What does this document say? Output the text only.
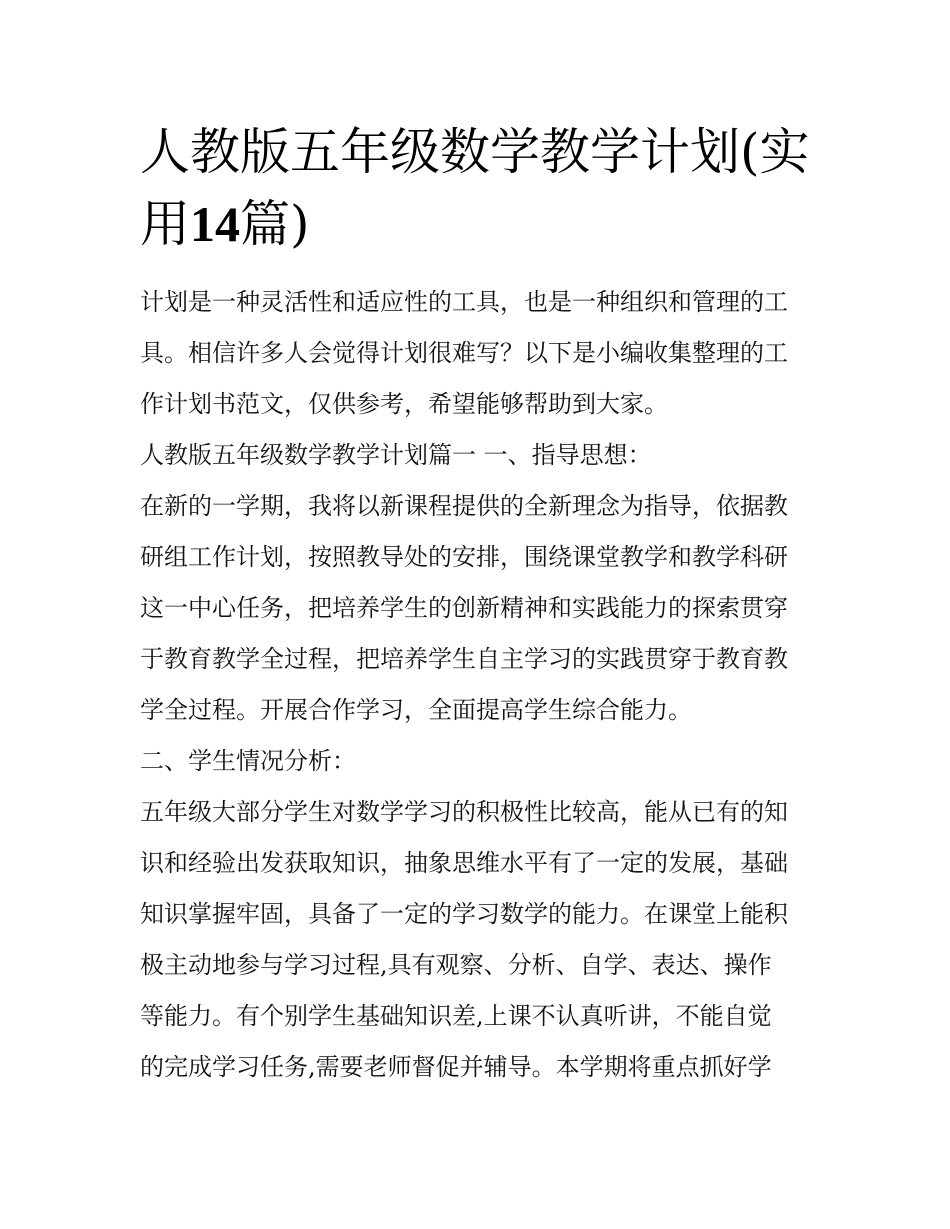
人教版五年级数学教学计划(实
用14篇)
计划是一种灵活性和适应性的工具，也是一种组织和管理的工
具。相信许多人会觉得计划很难写？以下是小编收集整理的工
作计划书范文，仅供参考，希望能够帮助到大家。
人教版五年级数学教学计划篇一 一、指导思想：
在新的一学期，我将以新课程提供的全新理念为指导，依据教
研组工作计划，按照教导处的安排，围绕课堂教学和教学科研
这一中心任务，把培养学生的创新精神和实践能力的探索贯穿
于教育教学全过程，把培养学生自主学习的实践贯穿于教育教
学全过程。开展合作学习，全面提高学生综合能力。
二、学生情况分析：
五年级大部分学生对数学学习的积极性比较高，能从已有的知
识和经验出发获取知识，抽象思维水平有了一定的发展，基础
知识掌握牢固，具备了一定的学习数学的能力。在课堂上能积
极主动地参与学习过程,具有观察、分析、自学、表达、操作
等能力。有个别学生基础知识差,上课不认真听讲，不能自觉
的完成学习任务,需要老师督促并辅导。本学期将重点抓好学
